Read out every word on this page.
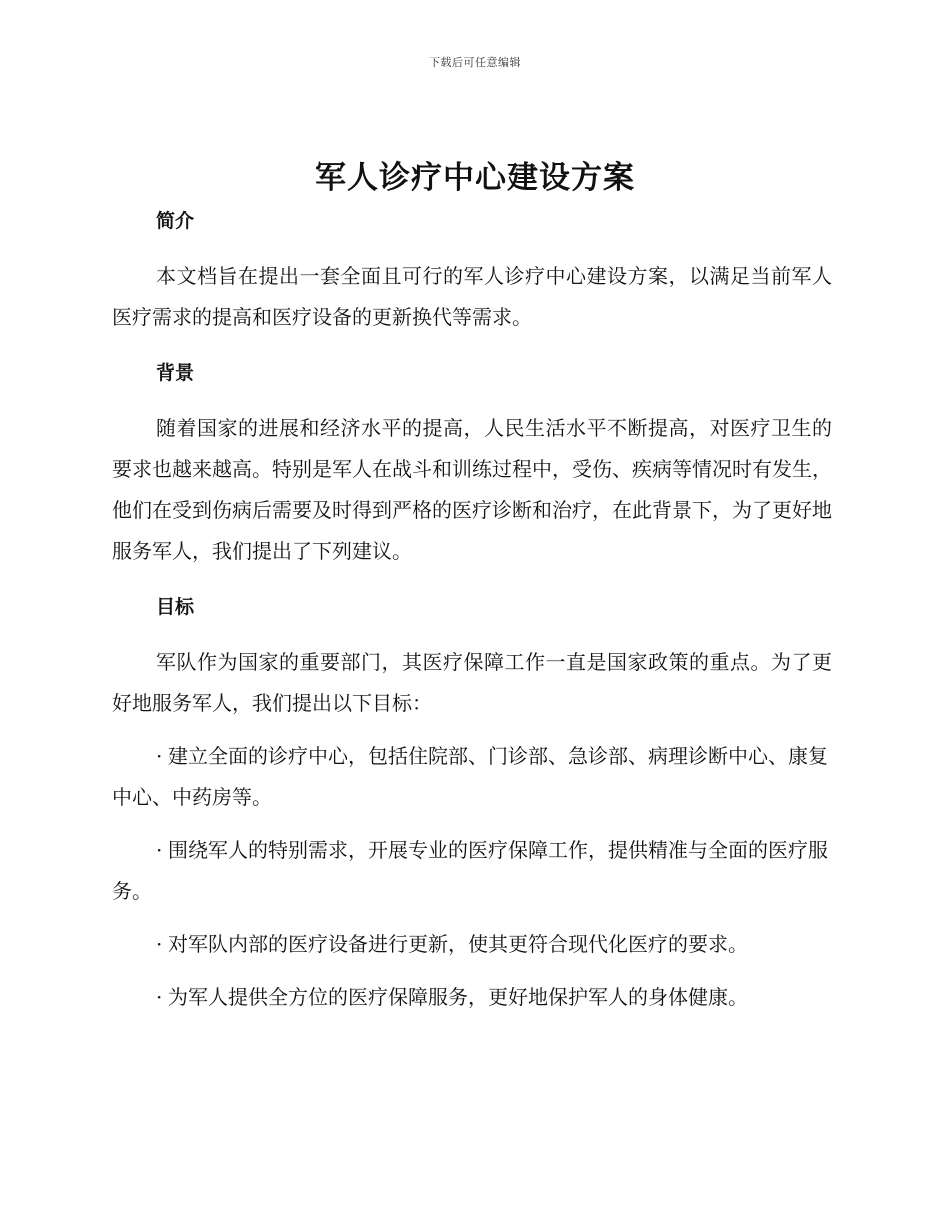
下载后可任意编辑
军人诊疗中心建设方案
简介

本文档旨在提出一套全面且可行的军人诊疗中心建设方案，以满足当前军人医疗需求的提高和医疗设备的更新换代等需求。

背景

随着国家的进展和经济水平的提高，人民生活水平不断提高，对医疗卫生的要求也越来越高。特别是军人在战斗和训练过程中，受伤、疾病等情况时有发生，他们在受到伤病后需要及时得到严格的医疗诊断和治疗，在此背景下，为了更好地服务军人，我们提出了下列建议。

目标

军队作为国家的重要部门，其医疗保障工作一直是国家政策的重点。为了更好地服务军人，我们提出以下目标：

· 建立全面的诊疗中心，包括住院部、门诊部、急诊部、病理诊断中心、康复中心、中药房等。
· 围绕军人的特别需求，开展专业的医疗保障工作，提供精准与全面的医疗服务。
· 对军队内部的医疗设备进行更新，使其更符合现代化医疗的要求。
· 为军人提供全方位的医疗保障服务，更好地保护军人的身体健康。
